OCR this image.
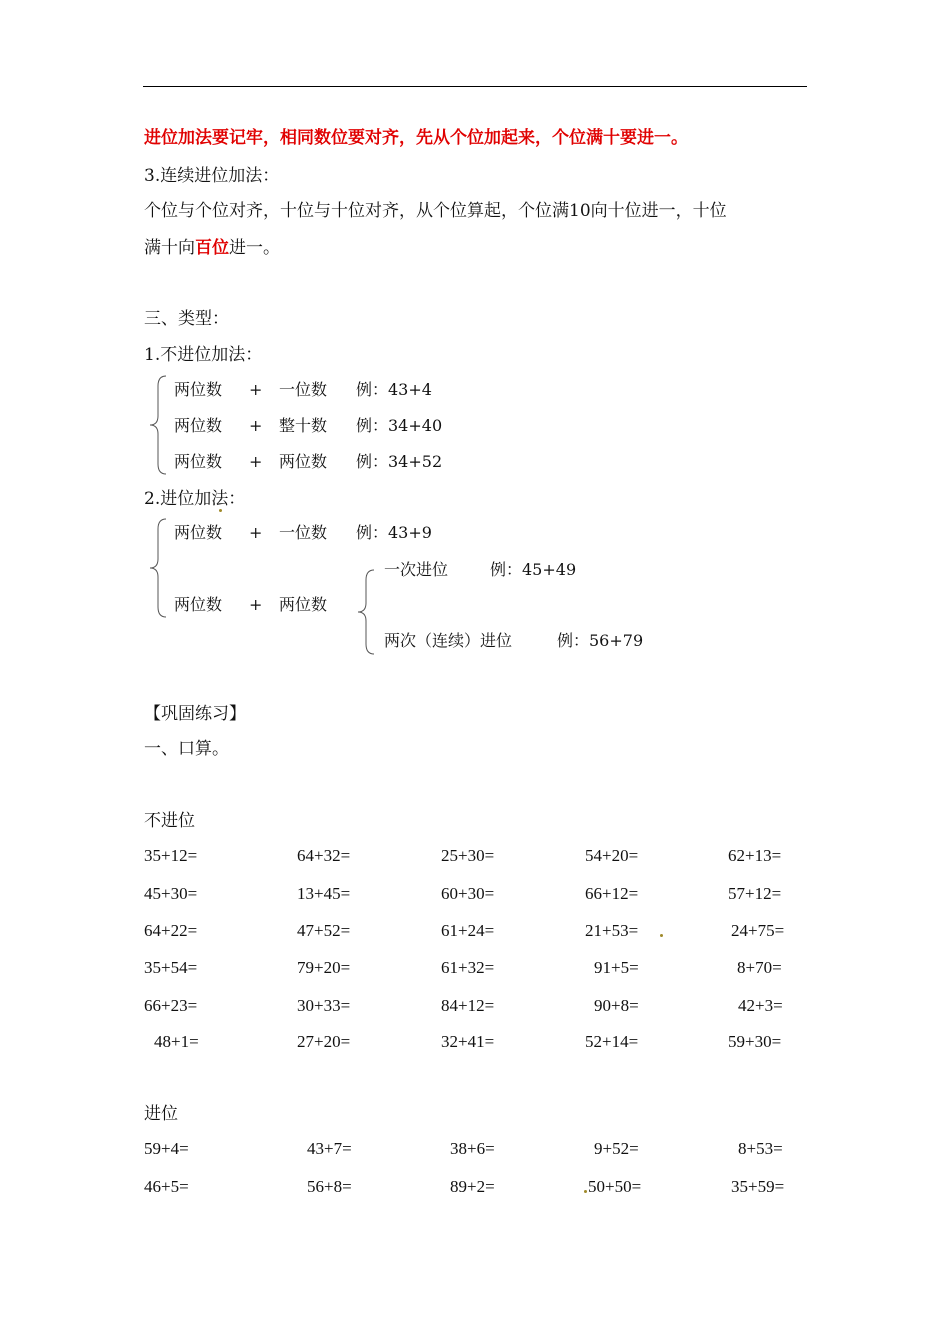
进位加法要记牢，相同数位要对齐，先从个位加起来，个位满十要进一。
3.连续进位加法：
个位与个位对齐，十位与十位对齐，从个位算起，个位满10向十位进一，十位
满十向百位进一。
三、类型：
1.不进位加法：
两位数 + 一位数 例：43+4
两位数 + 整十数 例：34+40
两位数 + 两位数 例：34+52
2.进位加法：
两位数 + 一位数 例：43+9
两位数 + 两位数
一次进位	例：45+49
两次（连续）进位	例：56+79
【巩固练习】
一、口算。
不进位
35+12=	64+32=	25+30=	54+20=	62+13=
45+30=	13+45=	60+30=	66+12=	57+12=
64+22=	47+52=	61+24=	21+53=	24+75=
35+54=	79+20=	61+32=	91+5=	8+70=
66+23=	30+33=	84+12=	90+8=	42+3=
48+1=	27+20=	32+41=	52+14=	59+30=
进位
59+4=	43+7=	38+6=	9+52=	8+53=
46+5=	56+8=	89+2=	50+50=	35+59=
